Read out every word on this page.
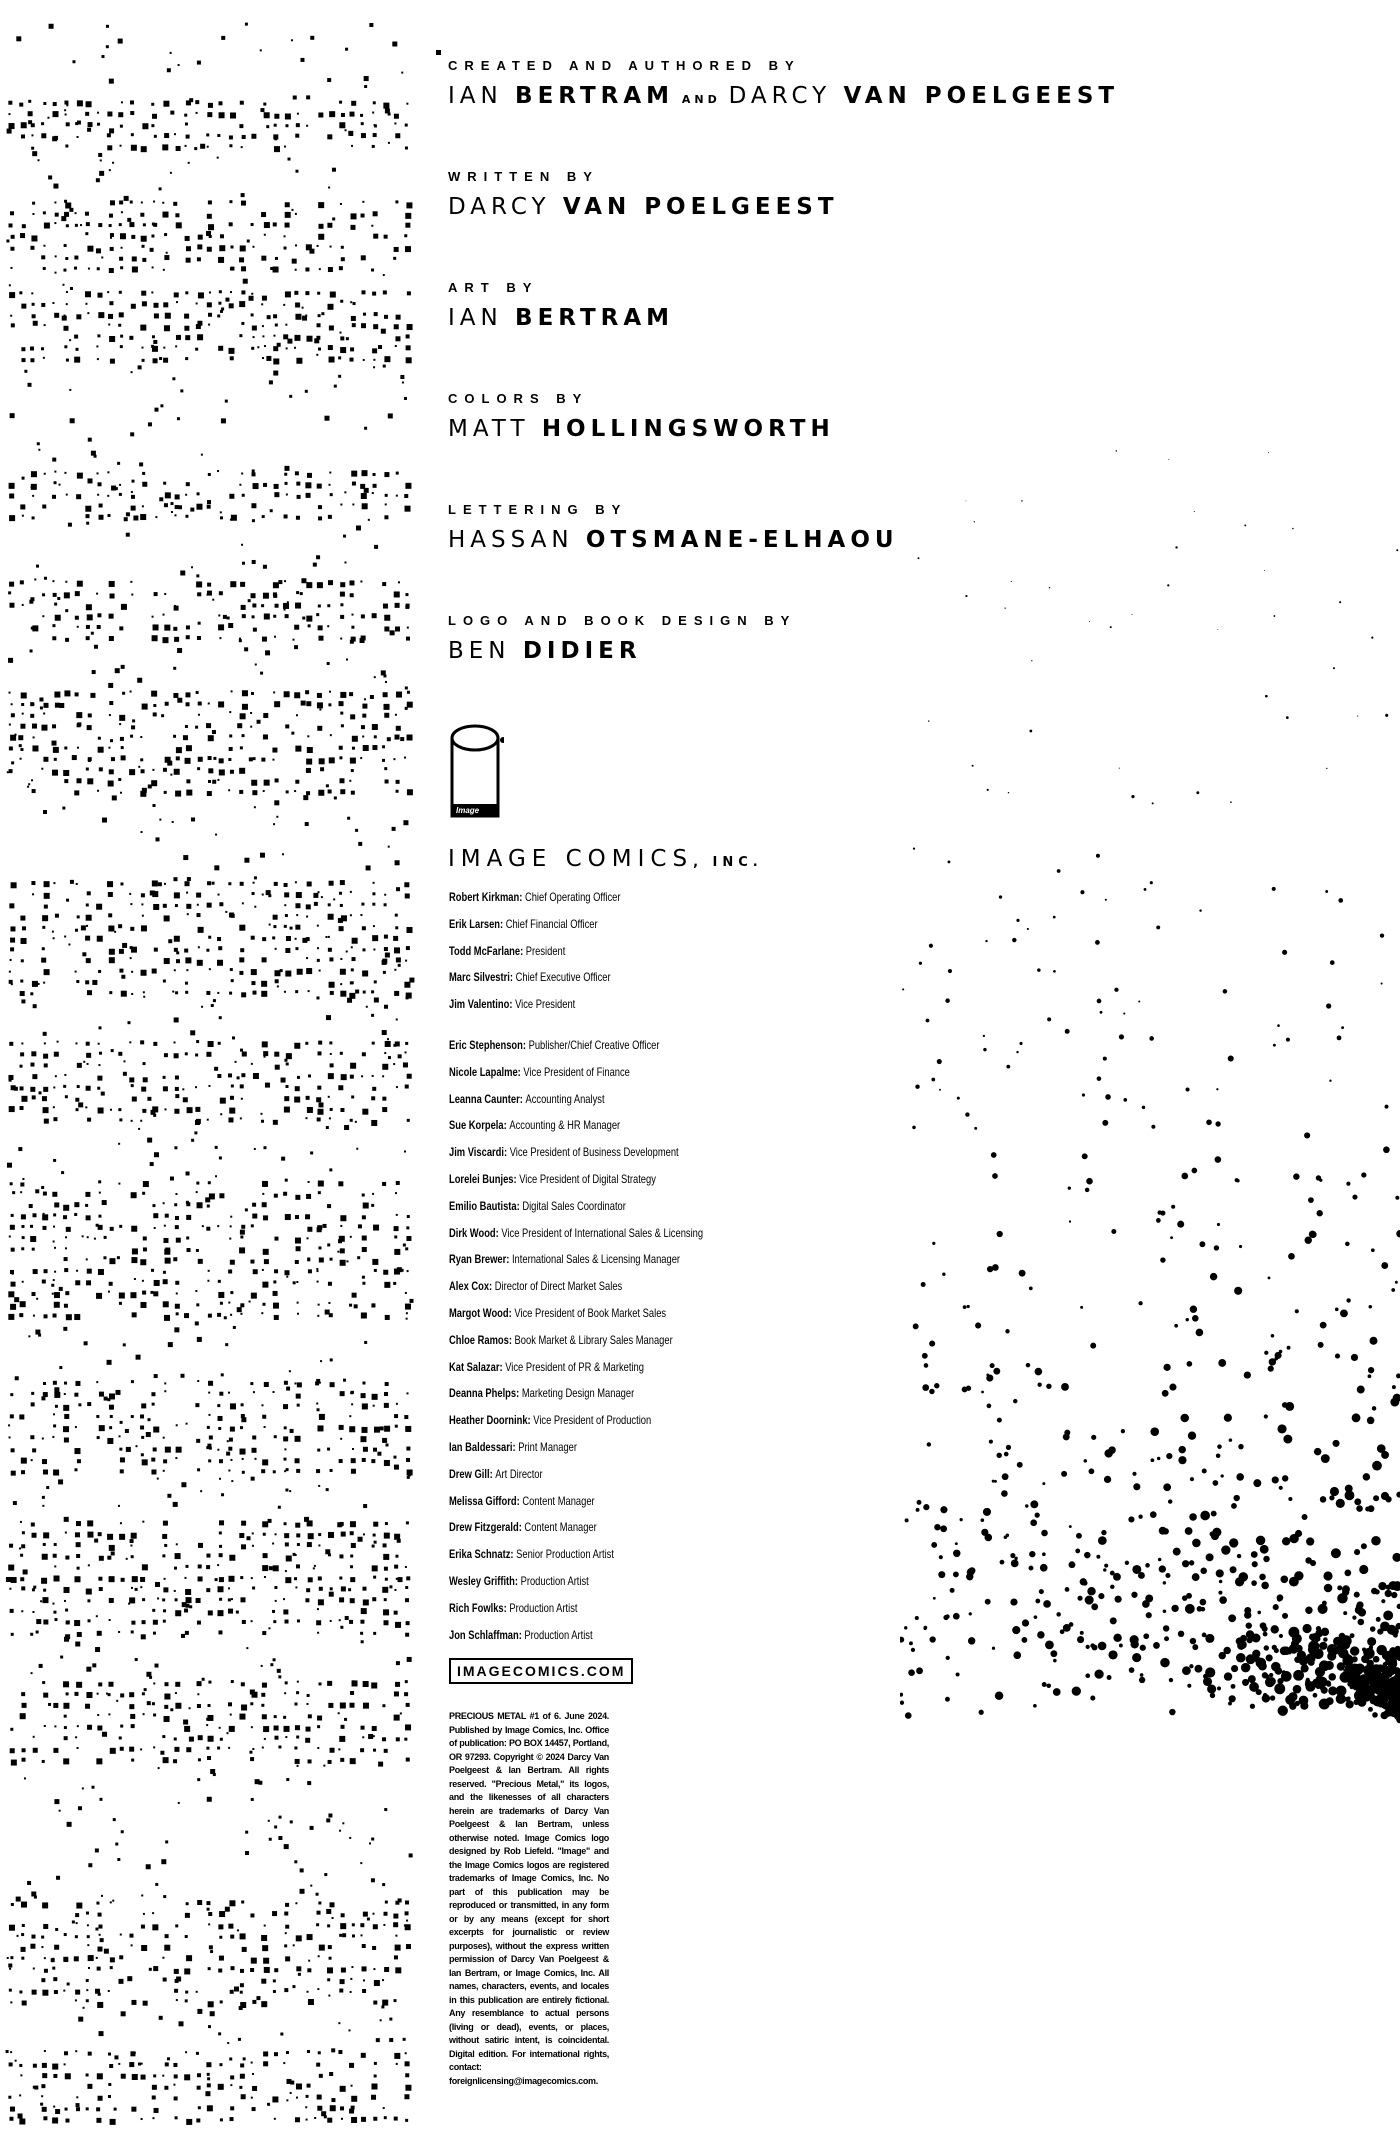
CREATED AND AUTHORED BY

IAN BERTRAM AND DARCY VAN POELGEEST

WRITTEN BY

DARCY VAN POELGEEST

ART BY

IAN BERTRAM

COLORS BY

MATT HOLLINGSWORTH

LETTERING BY

HASSAN OTSMANE-ELHAOU

LOGO AND BOOK DESIGN BY

BEN DIDIER

Image
IMAGE COMICS, INC.
Robert Kirkman: Chief Operating Officer
Erik Larsen: Chief Financial Officer
Todd McFarlane: President
Marc Silvestri: Chief Executive Officer
Jim Valentino: Vice President
Eric Stephenson: Publisher/Chief Creative Officer
Nicole Lapalme: Vice President of Finance
Leanna Caunter: Accounting Analyst
Sue Korpela: Accounting & HR Manager
Jim Viscardi: Vice President of Business Development
Lorelei Bunjes: Vice President of Digital Strategy
Emilio Bautista: Digital Sales Coordinator
Dirk Wood: Vice President of International Sales & Licensing
Ryan Brewer: International Sales & Licensing Manager
Alex Cox: Director of Direct Market Sales
Margot Wood: Vice President of Book Market Sales
Chloe Ramos: Book Market & Library Sales Manager
Kat Salazar: Vice President of PR & Marketing
Deanna Phelps: Marketing Design Manager
Heather Doornink: Vice President of Production
Ian Baldessari: Print Manager
Drew Gill: Art Director
Melissa Gifford: Content Manager
Drew Fitzgerald: Content Manager
Erika Schnatz: Senior Production Artist
Wesley Griffith: Production Artist
Rich Fowlks: Production Artist
Jon Schlaffman: Production Artist
IMAGECOMICS.COM

PRECIOUS METAL #1 of 6. June 2024. Published by Image Comics, Inc. Office of publication: PO BOX 14457, Portland, OR 97293. Copyright © 2024 Darcy Van Poelgeest & Ian Bertram. All rights reserved. "Precious Metal," its logos, and the likenesses of all characters herein are trademarks of Darcy Van Poelgeest & Ian Bertram, unless otherwise noted. Image Comics logo designed by Rob Liefeld. "Image" and the Image Comics logos are registered trademarks of Image Comics, Inc. No part of this publication may be reproduced or transmitted, in any form or by any means (except for short excerpts for journalistic or review purposes), without the express written permission of Darcy Van Poelgeest & Ian Bertram, or Image Comics, Inc. All names, characters, events, and locales in this publication are entirely fictional. Any resemblance to actual persons (living or dead), events, or places, without satiric intent, is coincidental. Digital edition. For international rights, contact: foreignlicensing@imagecomics.com.
